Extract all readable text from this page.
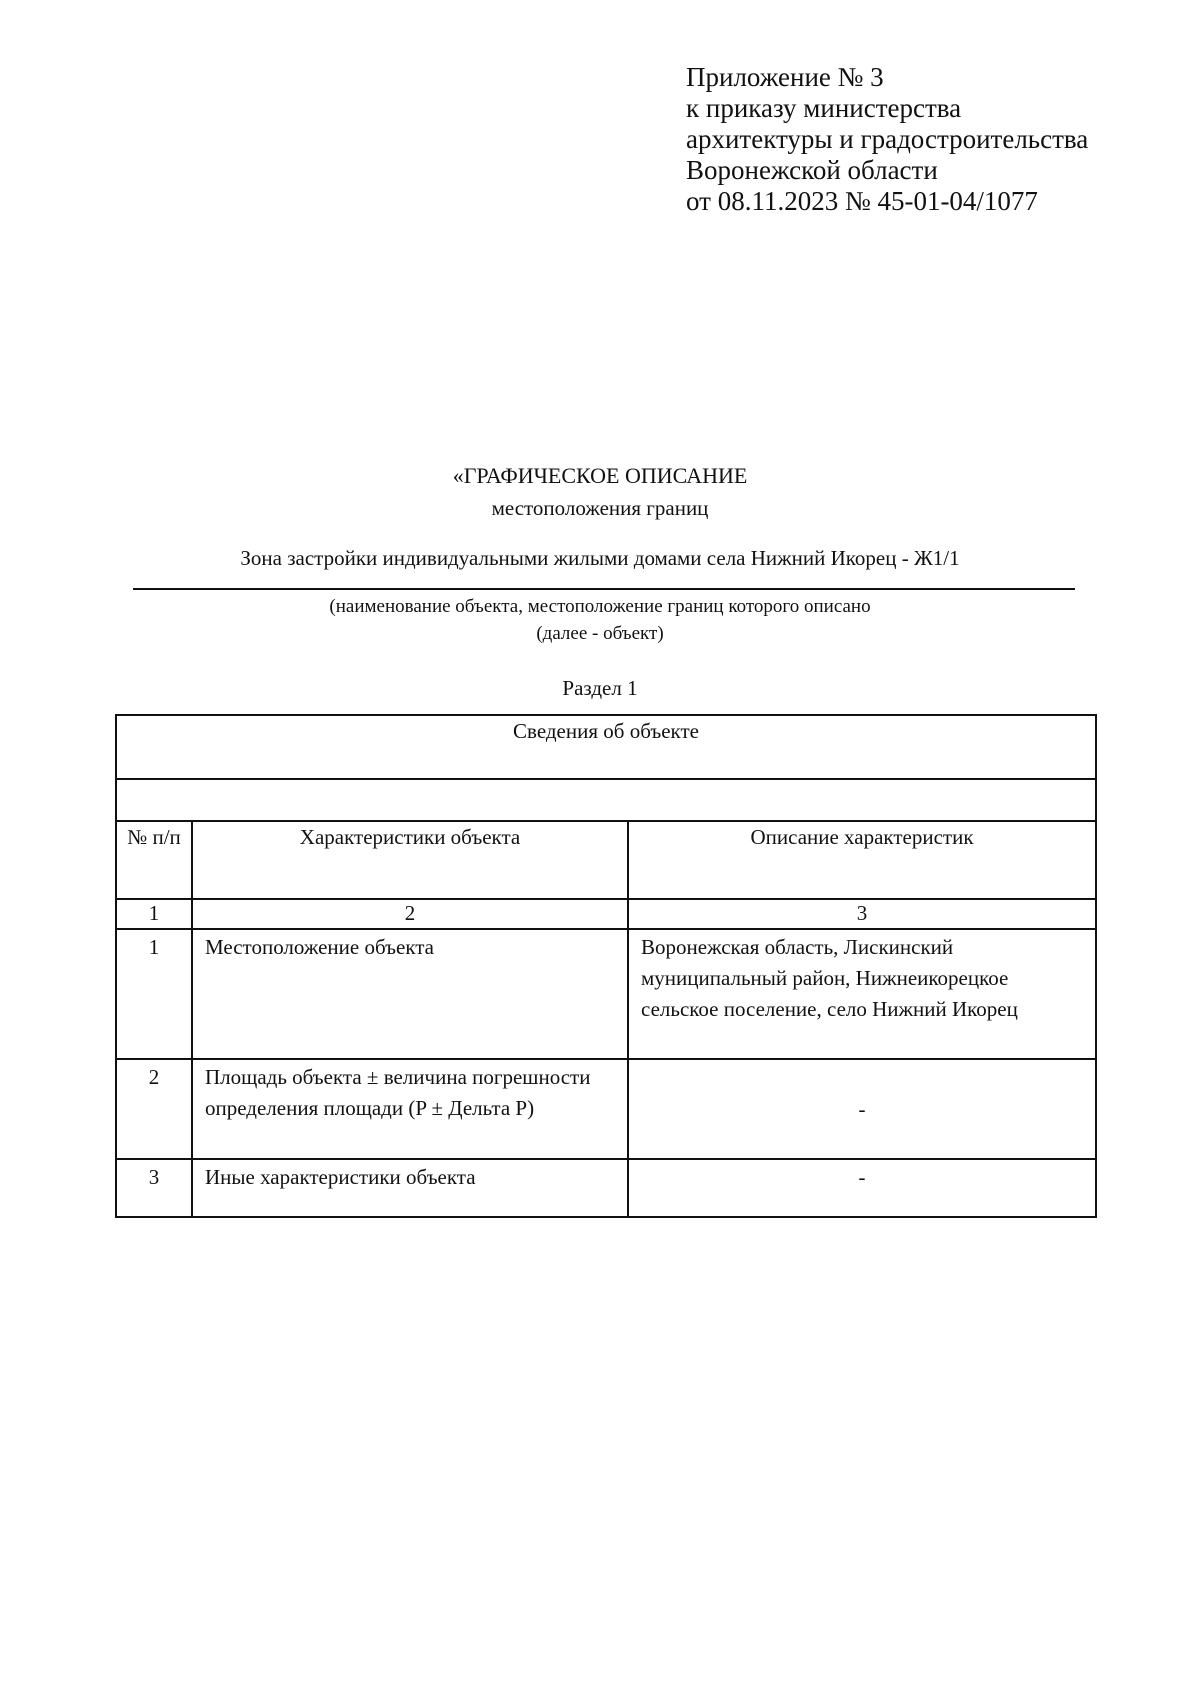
Приложение № 3
к приказу министерства
архитектуры и градостроительства
Воронежской области
от 08.11.2023 № 45-01-04/1077
«ГРАФИЧЕСКОЕ ОПИСАНИЕ
местоположения границ
Зона застройки индивидуальными жилыми домами села Нижний Икорец - Ж1/1
(наименование объекта, местоположение границ которого описано
(далее - объект)
Раздел 1
Сведения об объекте		

№ п/п	Характеристики объекта	Описание характеристик
1	2	3
1	Местоположение объекта	Воронежская область, Лискинский муниципальный район, Нижнеикорецкое сельское поселение, село Нижний Икорец
2	Площадь объекта ± величина погрешности определения площади (P ± Дельта P)	-
3	Иные характеристики объекта	-
